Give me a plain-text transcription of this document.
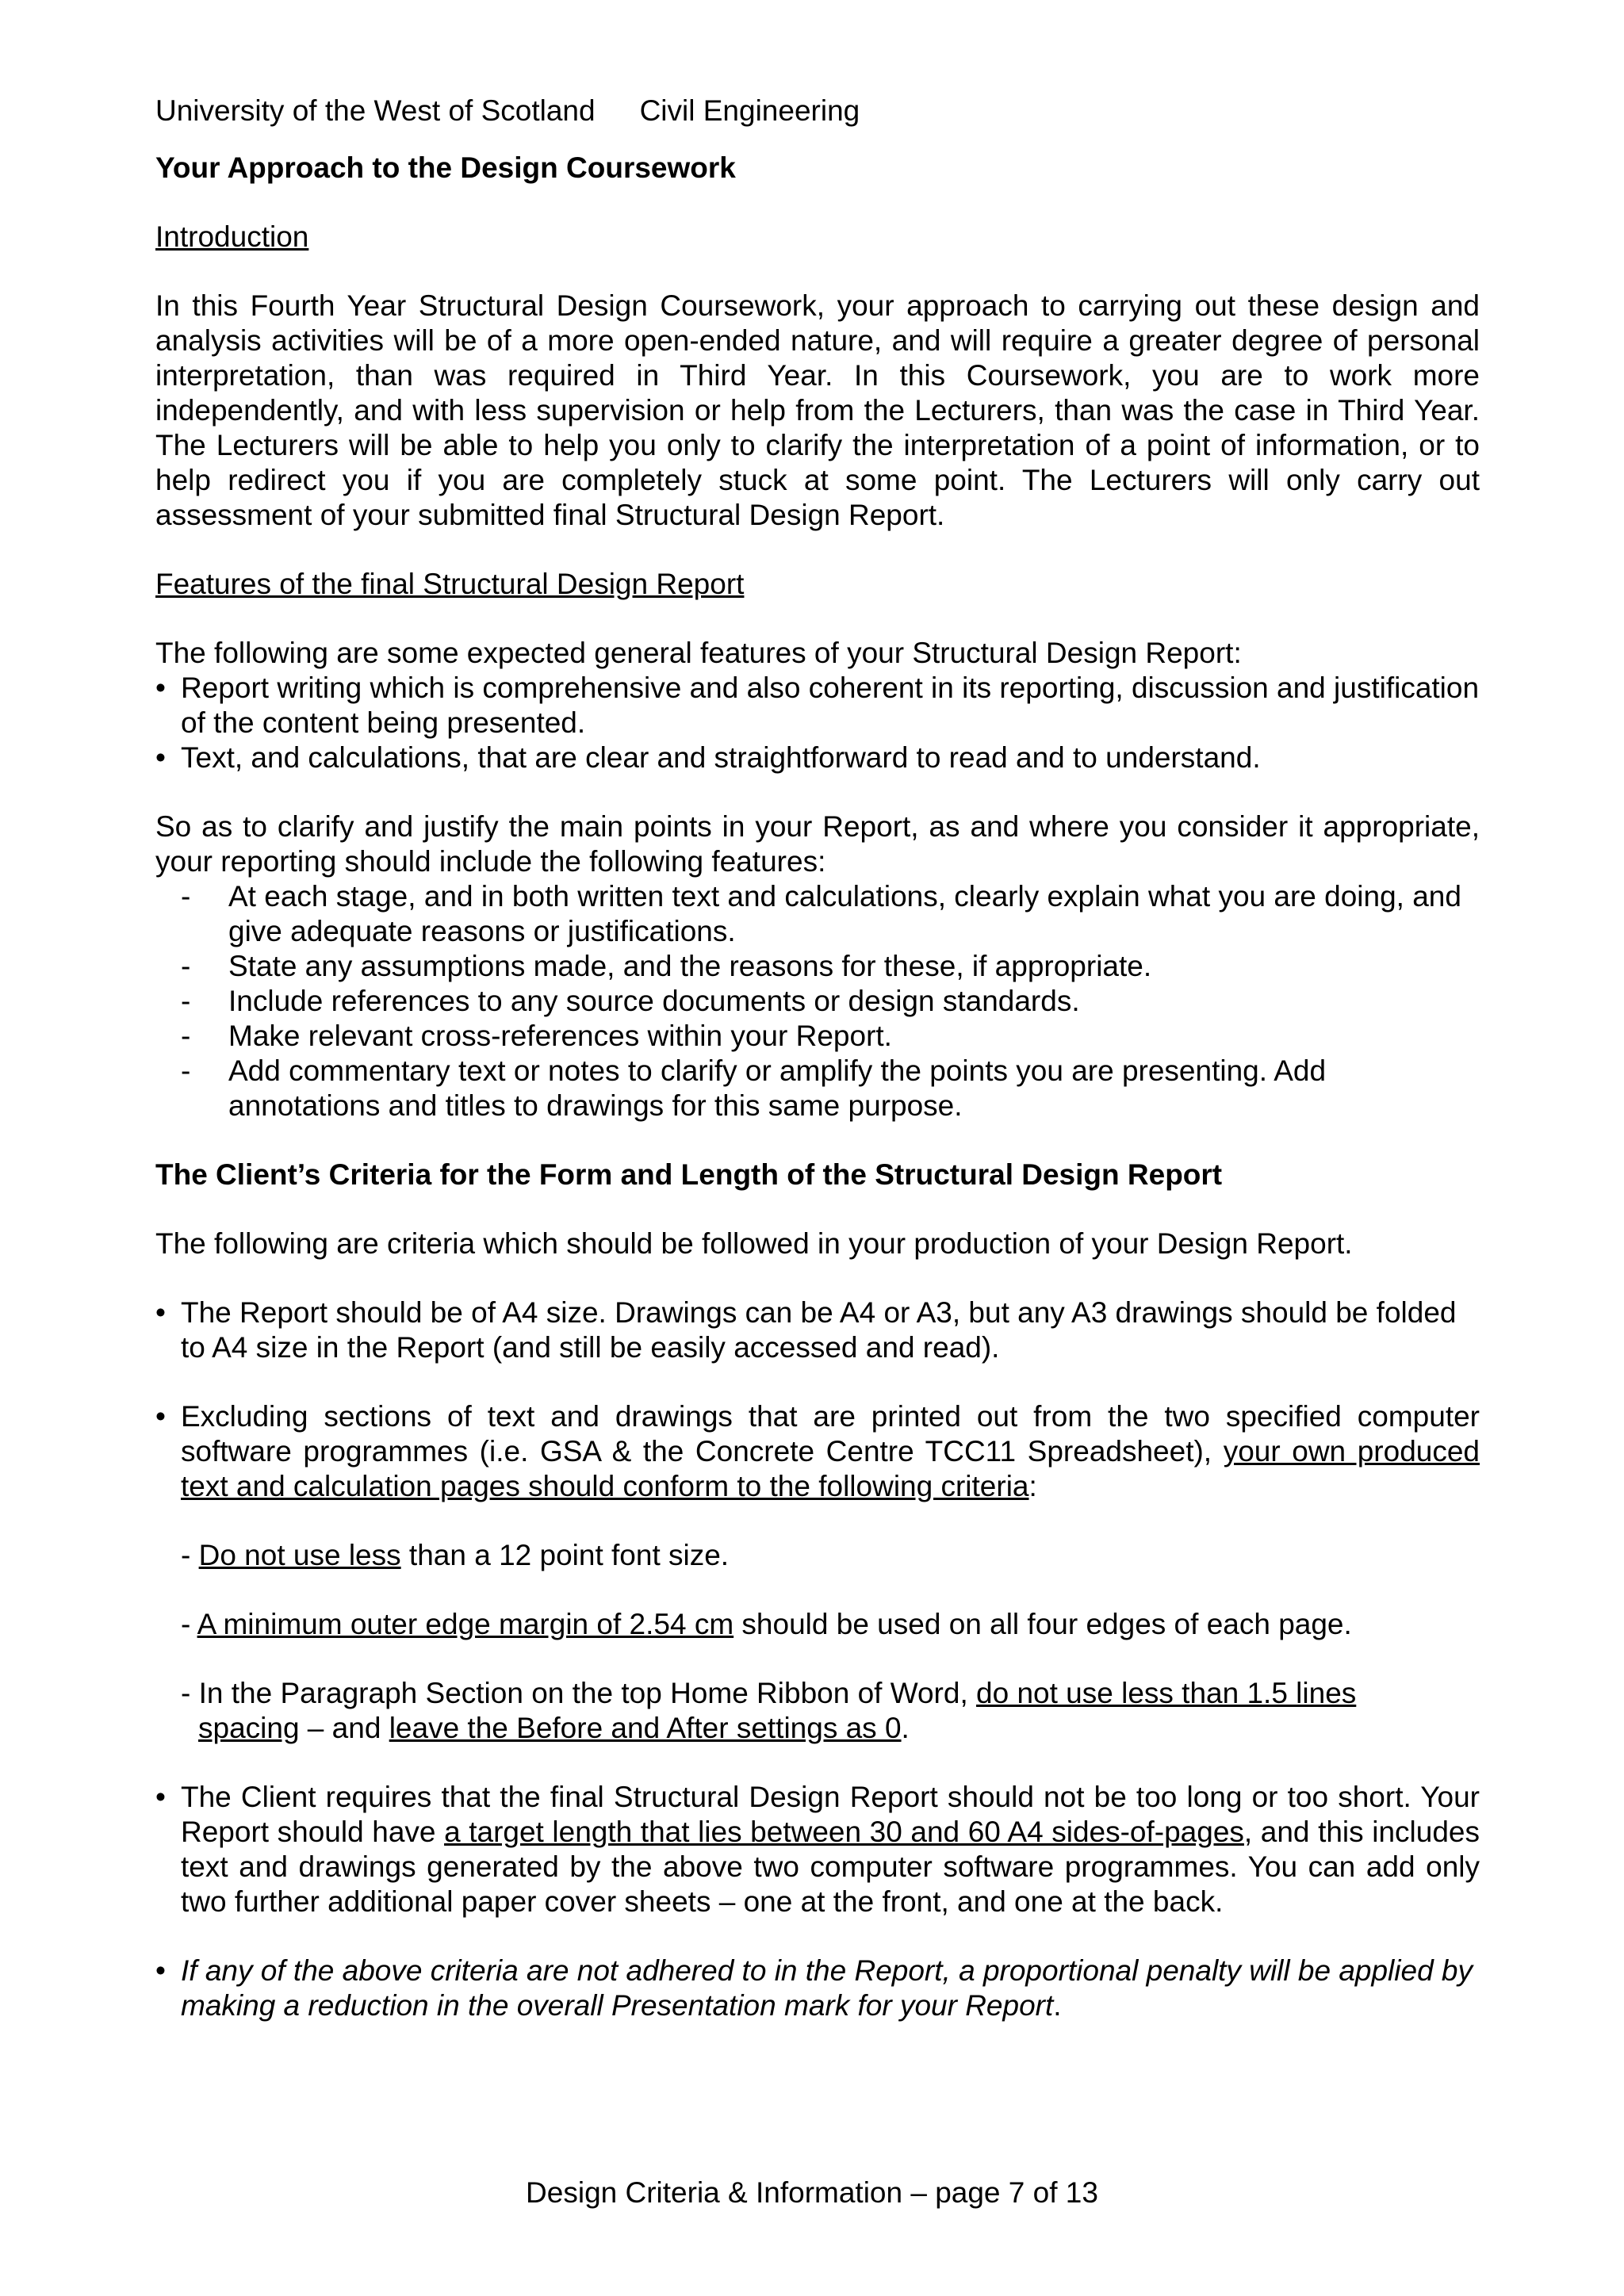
University of the West of Scotland Civil Engineering

Your Approach to the Design Coursework

Introduction

In this Fourth Year Structural Design Coursework, your approach to carrying out these design and analysis activities will be of a more open-ended nature, and will require a greater degree of personal interpretation, than was required in Third Year. In this Coursework, you are to work more independently, and with less supervision or help from the Lecturers, than was the case in Third Year. The Lecturers will be able to help you only to clarify the interpretation of a point of information, or to help redirect you if you are completely stuck at some point. The Lecturers will only carry out assessment of your submitted final Structural Design Report.

Features of the final Structural Design Report

The following are some expected general features of your Structural Design Report:

• Report writing which is comprehensive and also coherent in its reporting, discussion and justification of the content being presented.
• Text, and calculations, that are clear and straightforward to read and to understand.

So as to clarify and justify the main points in your Report, as and where you consider it appropriate, your reporting should include the following features:

- At each stage, and in both written text and calculations, clearly explain what you are doing, and give adequate reasons or justifications.
- State any assumptions made, and the reasons for these, if appropriate.
- Include references to any source documents or design standards.
- Make relevant cross-references within your Report.
- Add commentary text or notes to clarify or amplify the points you are presenting. Add annotations and titles to drawings for this same purpose.

The Client’s Criteria for the Form and Length of the Structural Design Report

The following are criteria which should be followed in your production of your Design Report.

• The Report should be of A4 size. Drawings can be A4 or A3, but any A3 drawings should be folded to A4 size in the Report (and still be easily accessed and read).
• Excluding sections of text and drawings that are printed out from the two specified computer software programmes (i.e. GSA & the Concrete Centre TCC11 Spreadsheet), your own produced text and calculation pages should conform to the following criteria:

- Do not use less than a 12 point font size.

- A minimum outer edge margin of 2.54 cm should be used on all four edges of each page.

- In the Paragraph Section on the top Home Ribbon of Word, do not use less than 1.5 lines
spacing – and leave the Before and After settings as 0.

• The Client requires that the final Structural Design Report should not be too long or too short. Your Report should have a target length that lies between 30 and 60 A4 sides-of-pages, and this includes text and drawings generated by the above two computer software programmes. You can add only two further additional paper cover sheets – one at the front, and one at the back.
• If any of the above criteria are not adhered to in the Report, a proportional penalty will be applied by making a reduction in the overall Presentation mark for your Report.
Design Criteria & Information – page 7 of 13
